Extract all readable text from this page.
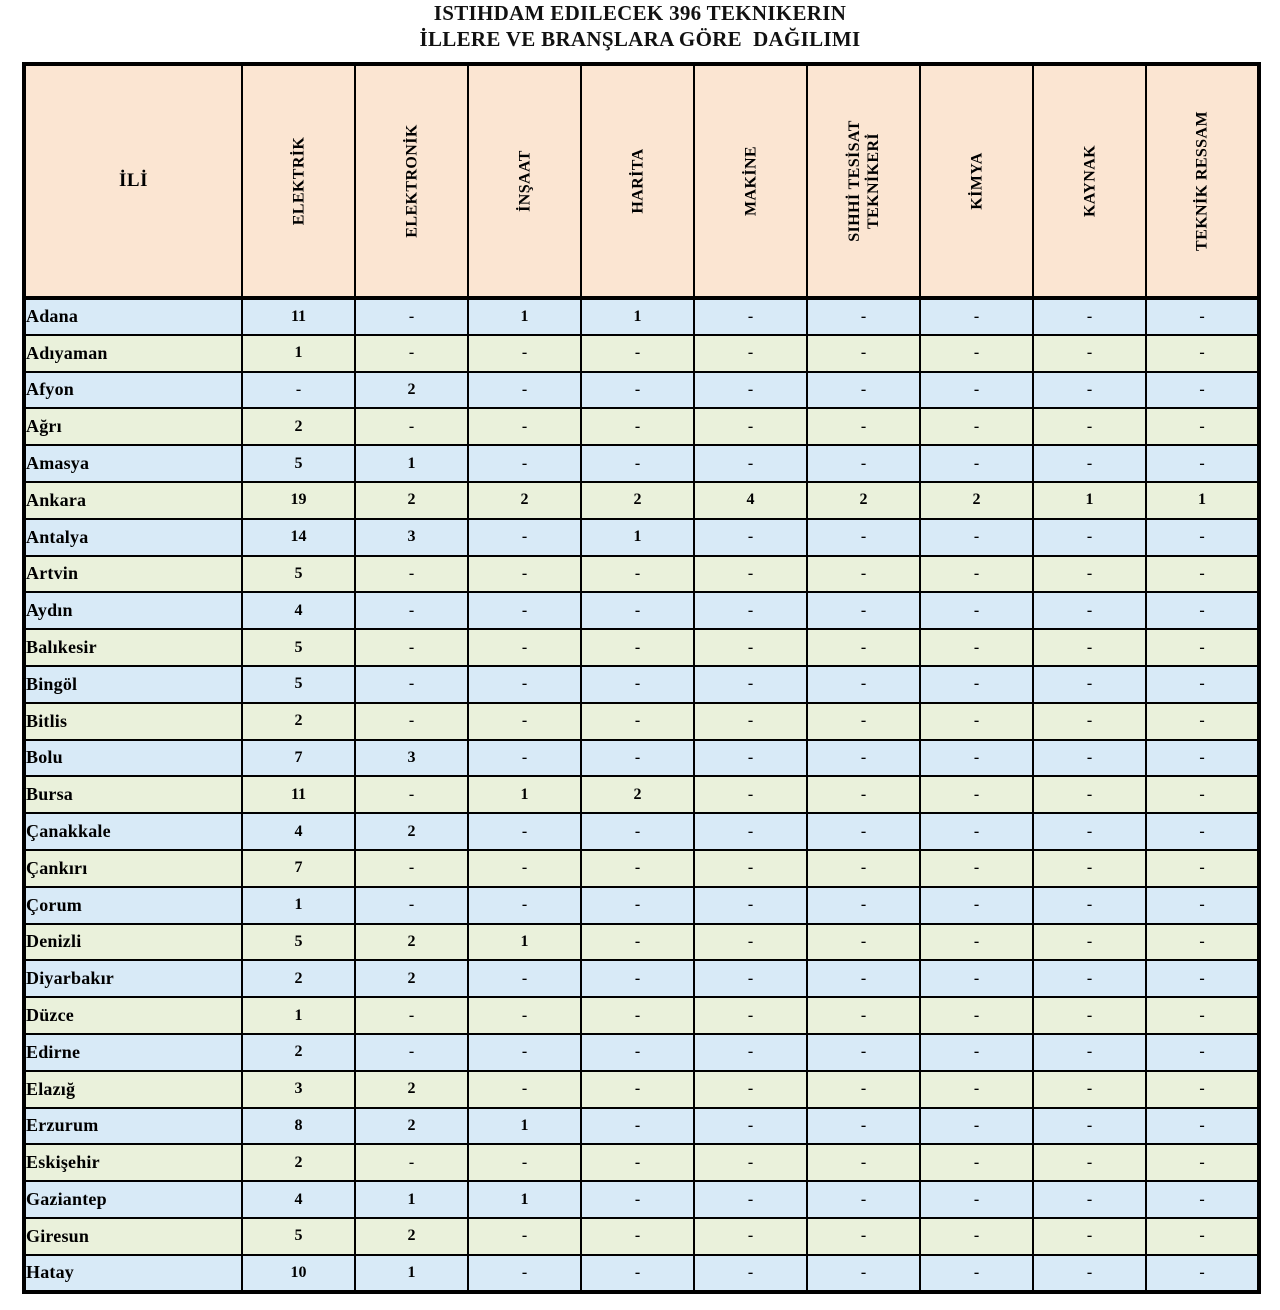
ISTIHDAM EDILECEK 396 TEKNIKERIN
İLLERE VE BRANŞLARA GÖRE  DAĞILIMI
İLİ	ELEKTRİK	ELEKTRONİK	İNŞAAT	HARİTA	MAKİNE	SIHHİ TESİSAT TEKNİKERİ	KİMYA	KAYNAK	TEKNİK RESSAM

Adana	11	-	1	1	-	-	-	-	-
Adıyaman	1	-	-	-	-	-	-	-	-
Afyon	-	2	-	-	-	-	-	-	-
Ağrı	2	-	-	-	-	-	-	-	-
Amasya	5	1	-	-	-	-	-	-	-
Ankara	19	2	2	2	4	2	2	1	1
Antalya	14	3	-	1	-	-	-	-	-
Artvin	5	-	-	-	-	-	-	-	-
Aydın	4	-	-	-	-	-	-	-	-
Balıkesir	5	-	-	-	-	-	-	-	-
Bingöl	5	-	-	-	-	-	-	-	-
Bitlis	2	-	-	-	-	-	-	-	-
Bolu	7	3	-	-	-	-	-	-	-
Bursa	11	-	1	2	-	-	-	-	-
Çanakkale	4	2	-	-	-	-	-	-	-
Çankırı	7	-	-	-	-	-	-	-	-
Çorum	1	-	-	-	-	-	-	-	-
Denizli	5	2	1	-	-	-	-	-	-
Diyarbakır	2	2	-	-	-	-	-	-	-
Düzce	1	-	-	-	-	-	-	-	-
Edirne	2	-	-	-	-	-	-	-	-
Elazığ	3	2	-	-	-	-	-	-	-
Erzurum	8	2	1	-	-	-	-	-	-
Eskişehir	2	-	-	-	-	-	-	-	-
Gaziantep	4	1	1	-	-	-	-	-	-
Giresun	5	2	-	-	-	-	-	-	-
Hatay	10	1	-	-	-	-	-	-	-
